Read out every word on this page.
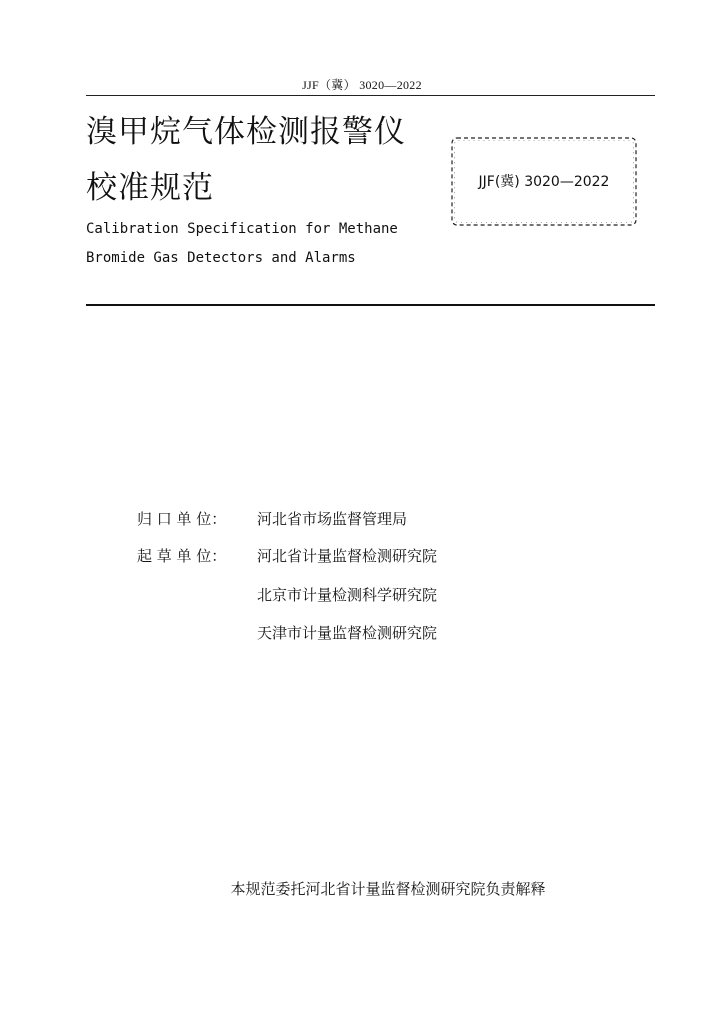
JJF（冀） 3020—2022
溴甲烷气体检测报警仪
校准规范	JJF(冀) 3020—2022
Calibration Specification for Methane
Bromide Gas Detectors and Alarms
归 口 单 位： 河北省市场监督管理局
起 草 单 位： 河北省计量监督检测研究院
北京市计量检测科学研究院
天津市计量监督检测研究院
本规范委托河北省计量监督检测研究院负责解释
